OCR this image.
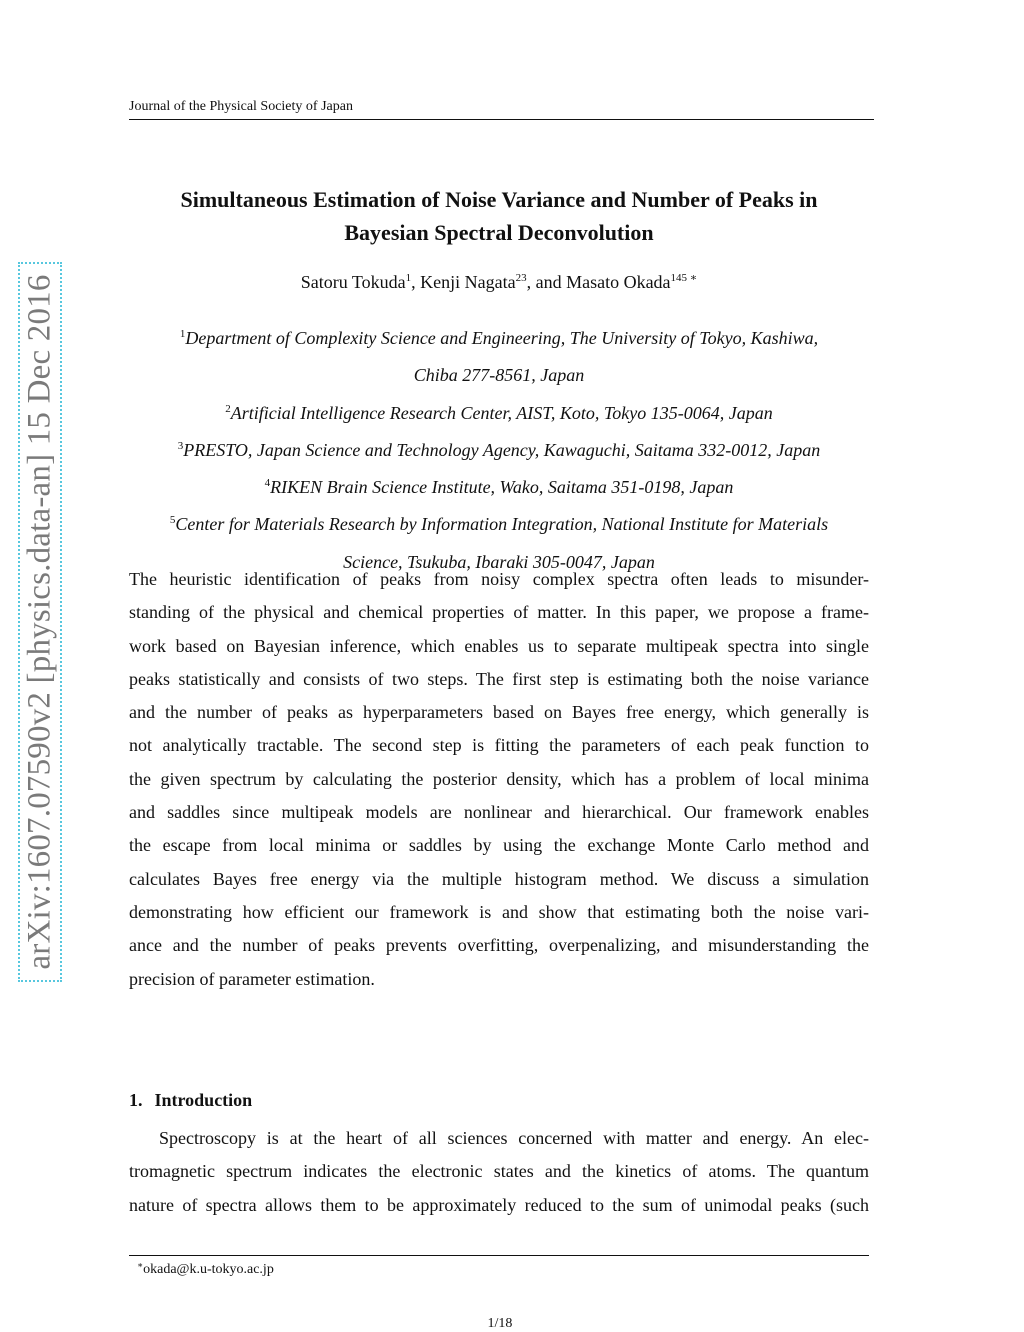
Journal of the Physical Society of Japan
arXiv:1607.07590v2 [physics.data-an] 15 Dec 2016
Simultaneous Estimation of Noise Variance and Number of Peaks in
Bayesian Spectral Deconvolution
Satoru Tokuda$^1$, Kenji Nagata$^{23}$, and Masato Okada$^{145 ∗}$
$^1$Department of Complexity Science and Engineering, The University of Tokyo, Kashiwa,
Chiba 277-8561, Japan
$^2$Artificial Intelligence Research Center, AIST, Koto, Tokyo 135-0064, Japan
$^3$PRESTO, Japan Science and Technology Agency, Kawaguchi, Saitama 332-0012, Japan
$^4$RIKEN Brain Science Institute, Wako, Saitama 351-0198, Japan
$^5$Center for Materials Research by Information Integration, National Institute for Materials
Science, Tsukuba, Ibaraki 305-0047, Japan
The heuristic identification of peaks from noisy complex spectra often leads to misunder-
standing of the physical and chemical properties of matter. In this paper, we propose a frame-
work based on Bayesian inference, which enables us to separate multipeak spectra into single
peaks statistically and consists of two steps. The first step is estimating both the noise variance
and the number of peaks as hyperparameters based on Bayes free energy, which generally is
not analytically tractable. The second step is fitting the parameters of each peak function to
the given spectrum by calculating the posterior density, which has a problem of local minima
and saddles since multipeak models are nonlinear and hierarchical. Our framework enables
the escape from local minima or saddles by using the exchange Monte Carlo method and
calculates Bayes free energy via the multiple histogram method. We discuss a simulation
demonstrating how efficient our framework is and show that estimating both the noise vari-
ance and the number of peaks prevents overfitting, overpenalizing, and misunderstanding the
precision of parameter estimation.
1. Introduction
Spectroscopy is at the heart of all sciences concerned with matter and energy. An elec-
tromagnetic spectrum indicates the electronic states and the kinetics of atoms. The quantum
nature of spectra allows them to be approximately reduced to the sum of unimodal peaks (such
∗okada@k.u-tokyo.ac.jp
1/18
